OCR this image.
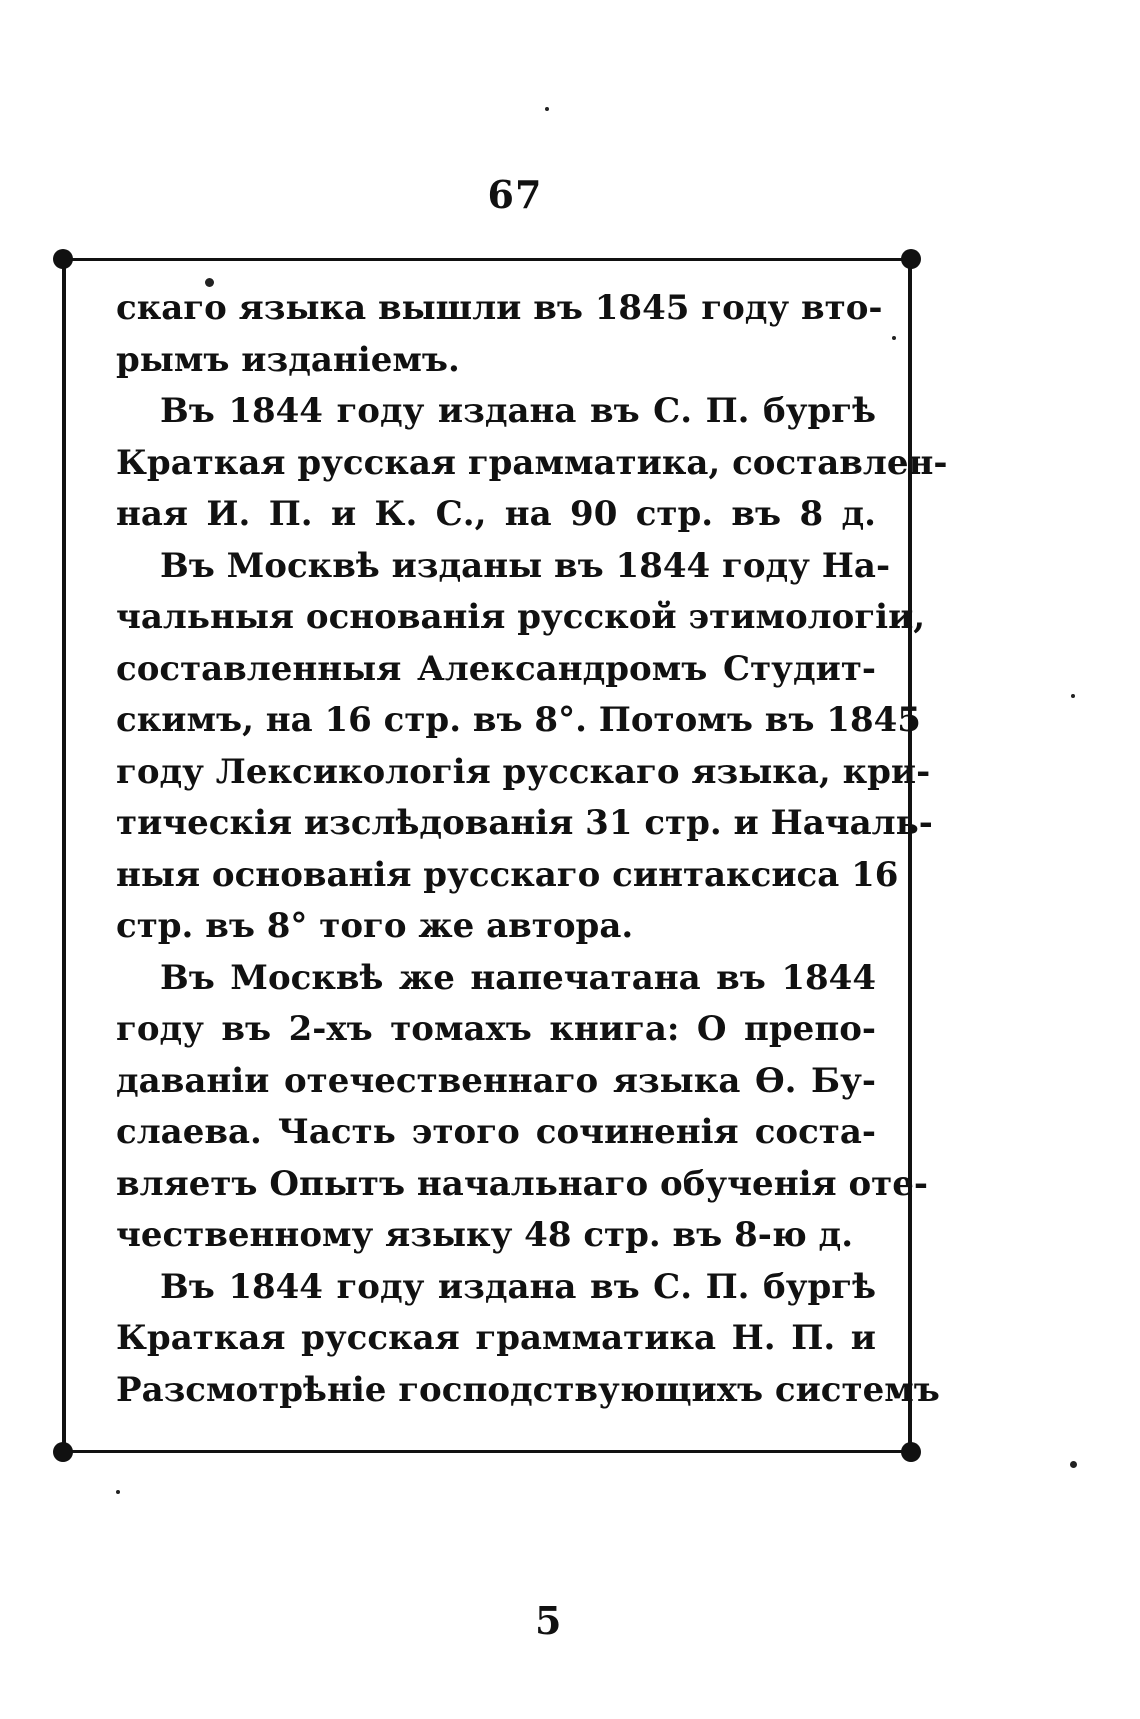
67
скаго языка вышли въ 1845 году вто-
рымъ изданіемъ.
Въ 1844 году издана въ С. П. бургѣ
Краткая русская грамматика, составлен-
ная И. П. и К. С., на 90 стр. въ 8 д.
Въ Москвѣ изданы въ 1844 году На-
чальныя основанія русской этимологіи,
составленныя Александромъ Студит-
скимъ, на 16 стр. въ 8°. Потомъ въ 1845
году Лексикологія русскаго языка, кри-
тическія изслѣдованія 31 стр. и Началь-
ныя основанія русскаго синтаксиса 16
стр. въ 8° того же автора.
Въ Москвѣ же напечатана въ 1844
году въ 2-хъ томахъ книга: О препо-
даваніи отечественнаго языка Ѳ. Бу-
слаева. Часть этого сочиненія соста-
вляетъ Опытъ начальнаго обученія оте-
чественному языку 48 стр. въ 8-ю д.
Въ 1844 году издана въ С. П. бургѣ
Краткая русская грамматика Н. П. и
Разсмотрѣніе господствующихъ системъ
5
